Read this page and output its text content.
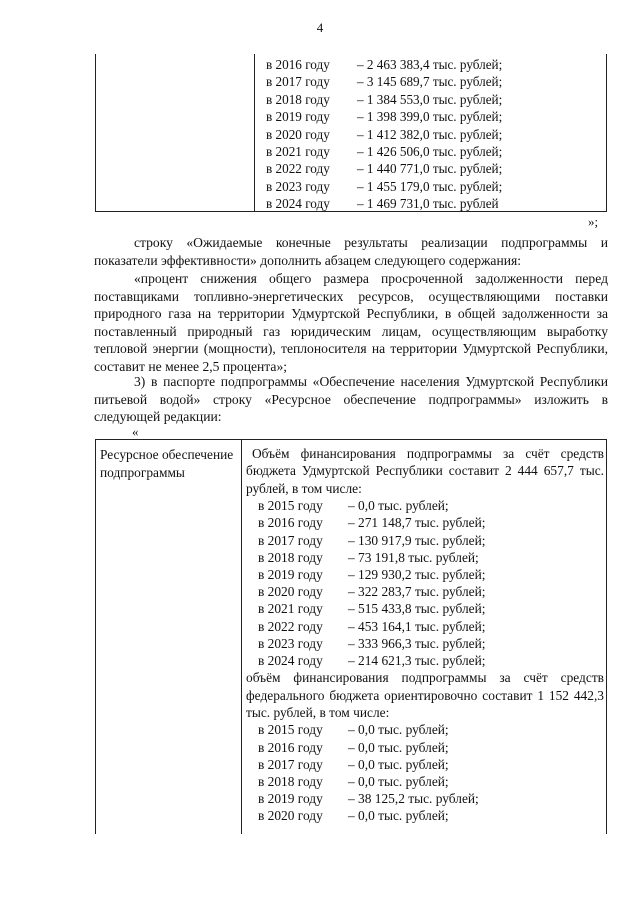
4
в 2016 году – 2 463 383,4 тыс. рублей;
в 2017 году – 3 145 689,7 тыс. рублей;
в 2018 году – 1 384 553,0 тыс. рублей;
в 2019 году – 1 398 399,0 тыс. рублей;
в 2020 году – 1 412 382,0 тыс. рублей;
в 2021 году – 1 426 506,0 тыс. рублей;
в 2022 году – 1 440 771,0 тыс. рублей;
в 2023 году – 1 455 179,0 тыс. рублей;
в 2024 году – 1 469 731,0 тыс. рублей
»;

строку «Ожидаемые конечные результаты реализации подпрограммы и показатели эффективности» дополнить абзацем следующего содержания:

«процент снижения общего размера просроченной задолженности перед поставщиками топливно-энергетических ресурсов, осуществляющими поставки природного газа на территории Удмуртской Республики, в общей задолженности за поставленный природный газ юридическим лицам, осуществляющим выработку тепловой энергии (мощности), теплоносителя на территории Удмуртской Республики, составит не менее 2,5 процента»;

3) в паспорте подпрограммы «Обеспечение населения Удмуртской Республики питьевой водой» строку «Ресурсное обеспечение подпрограммы» изложить в следующей редакции:

«
Ресурсное обеспечение подпрограммы
Объём финансирования подпрограммы за счёт средств бюджета Удмуртской Республики составит 2 444 657,7 тыс. рублей, в том числе:
в 2015 году – 0,0 тыс. рублей;
в 2016 году – 271 148,7 тыс. рублей;
в 2017 году – 130 917,9 тыс. рублей;
в 2018 году – 73 191,8 тыс. рублей;
в 2019 году – 129 930,2 тыс. рублей;
в 2020 году – 322 283,7 тыс. рублей;
в 2021 году – 515 433,8 тыс. рублей;
в 2022 году – 453 164,1 тыс. рублей;
в 2023 году – 333 966,3 тыс. рублей;
в 2024 году – 214 621,3 тыс. рублей;
объём финансирования подпрограммы за счёт средств федерального бюджета ориентировочно составит 1 152 442,3 тыс. рублей, в том числе:
в 2015 году – 0,0 тыс. рублей;
в 2016 году – 0,0 тыс. рублей;
в 2017 году – 0,0 тыс. рублей;
в 2018 году – 0,0 тыс. рублей;
в 2019 году – 38 125,2 тыс. рублей;
в 2020 году – 0,0 тыс. рублей;
